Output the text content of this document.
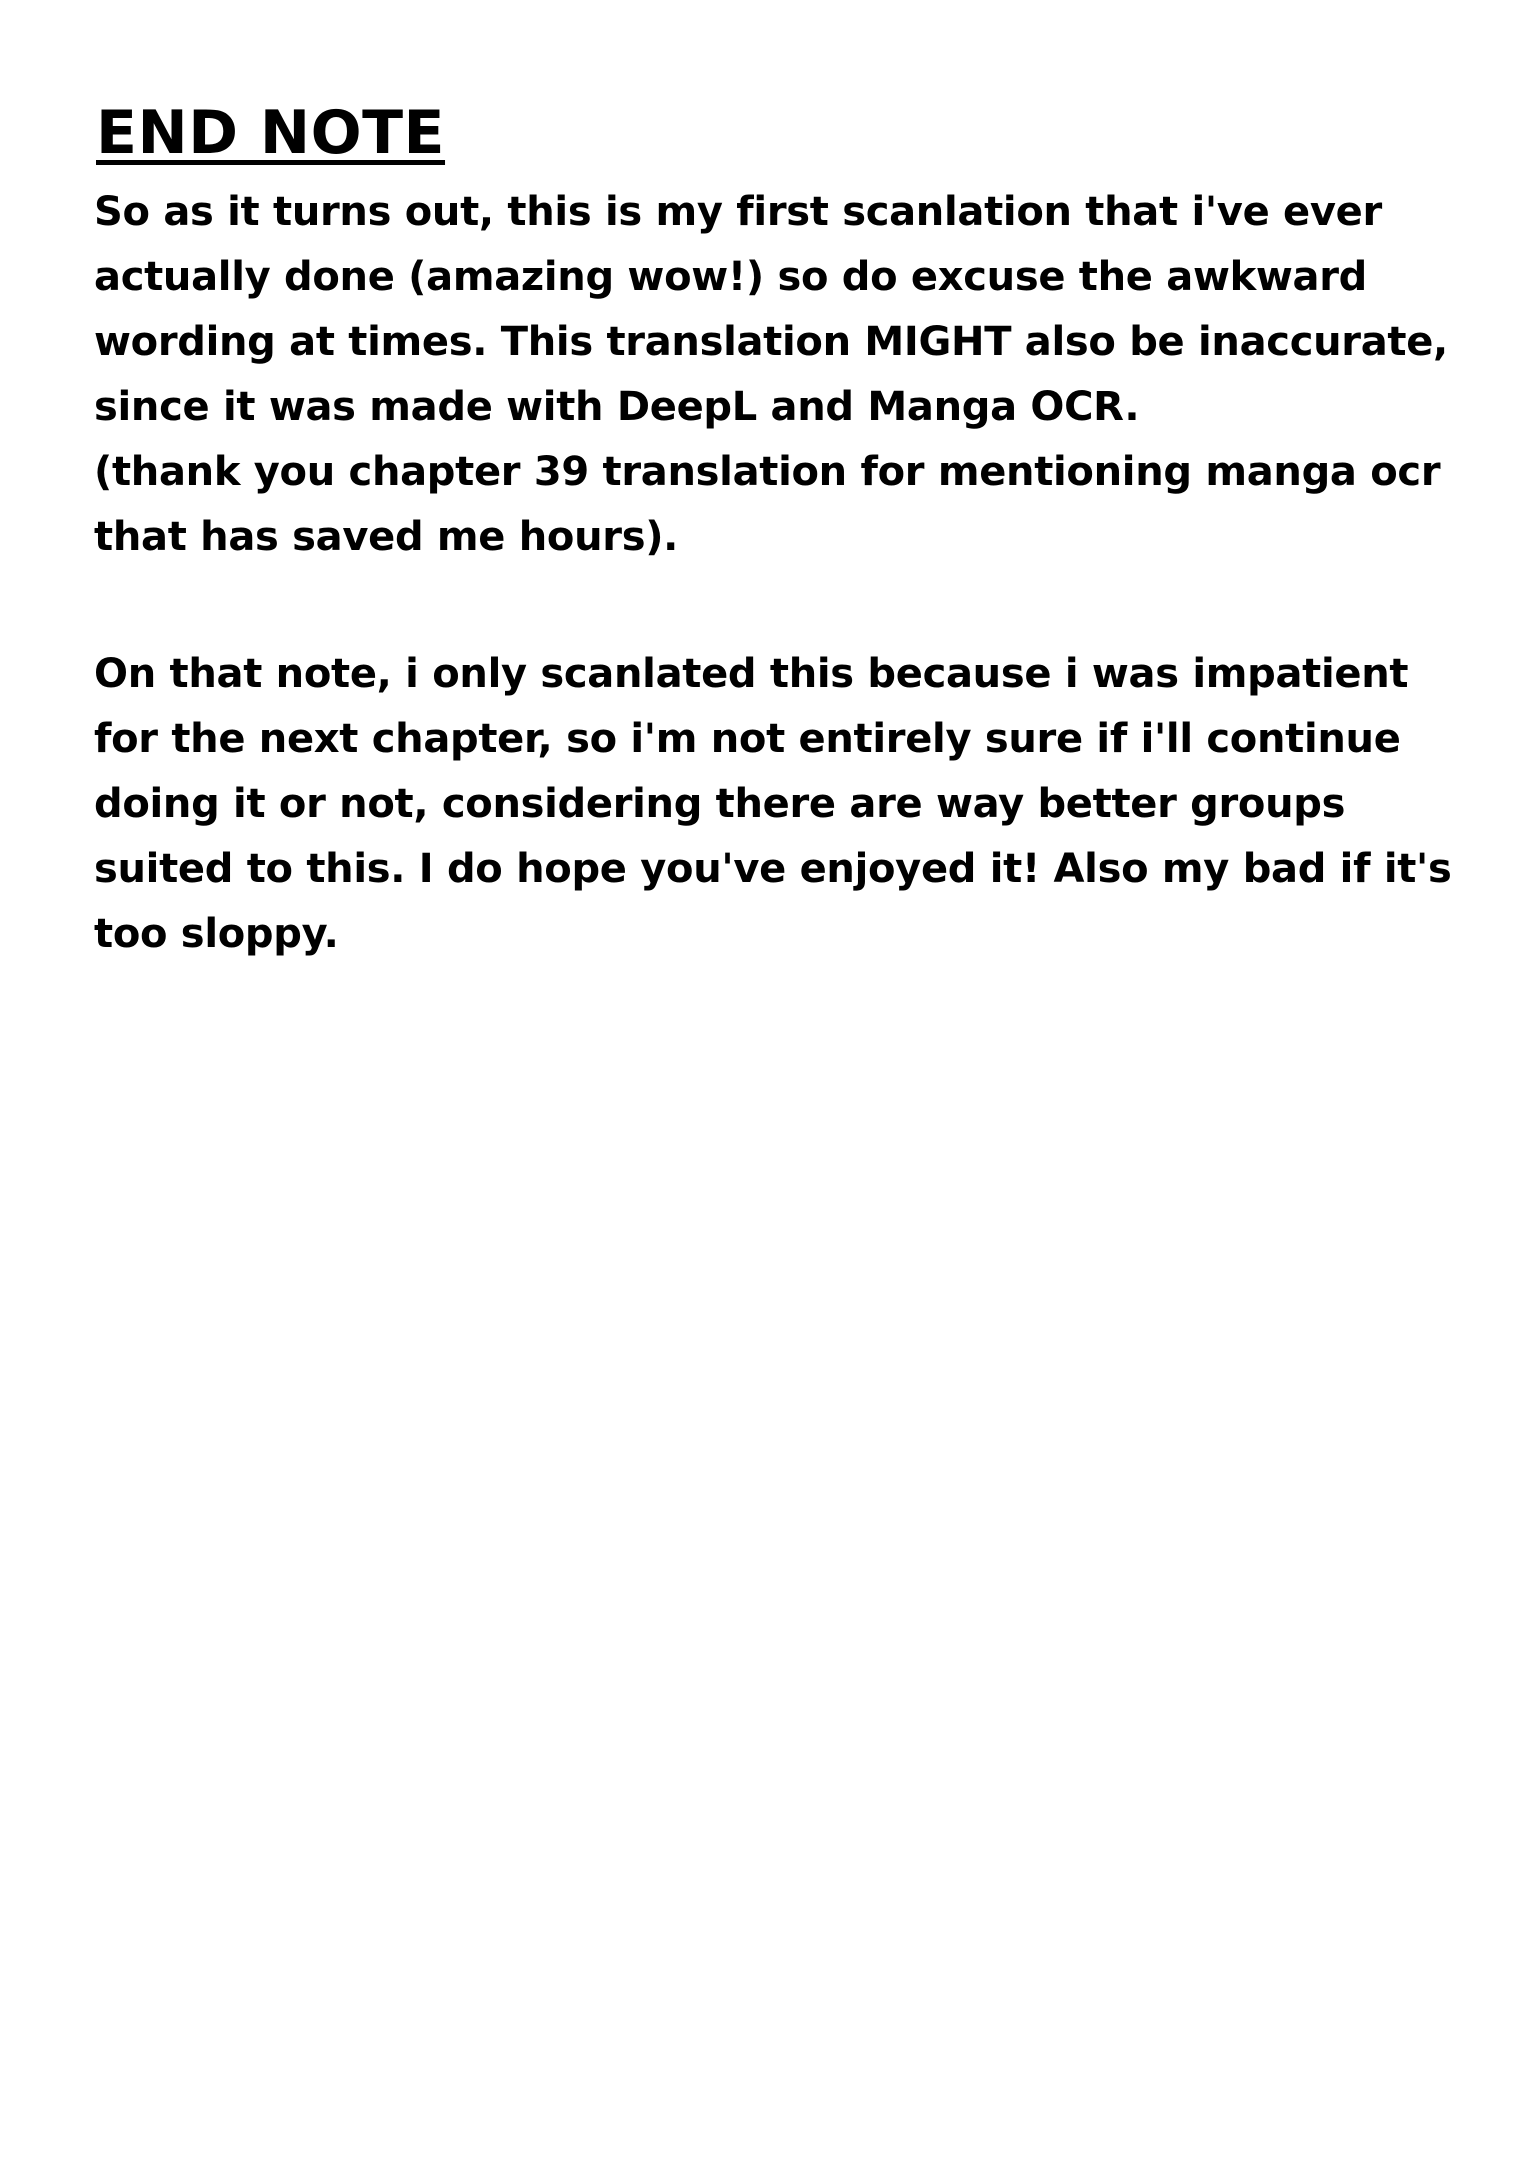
END NOTE

So as it turns out, this is my first scanlation that i've ever
actually done (amazing wow!) so do excuse the awkward
wording at times. This translation MIGHT also be inaccurate,
since it was made with DeepL and Manga OCR.
(thank you chapter 39 translation for mentioning manga ocr
that has saved me hours).

On that note, i only scanlated this because i was impatient
for the next chapter, so i'm not entirely sure if i'll continue
doing it or not, considering there are way better groups
suited to this. I do hope you've enjoyed it! Also my bad if it's
too sloppy.
